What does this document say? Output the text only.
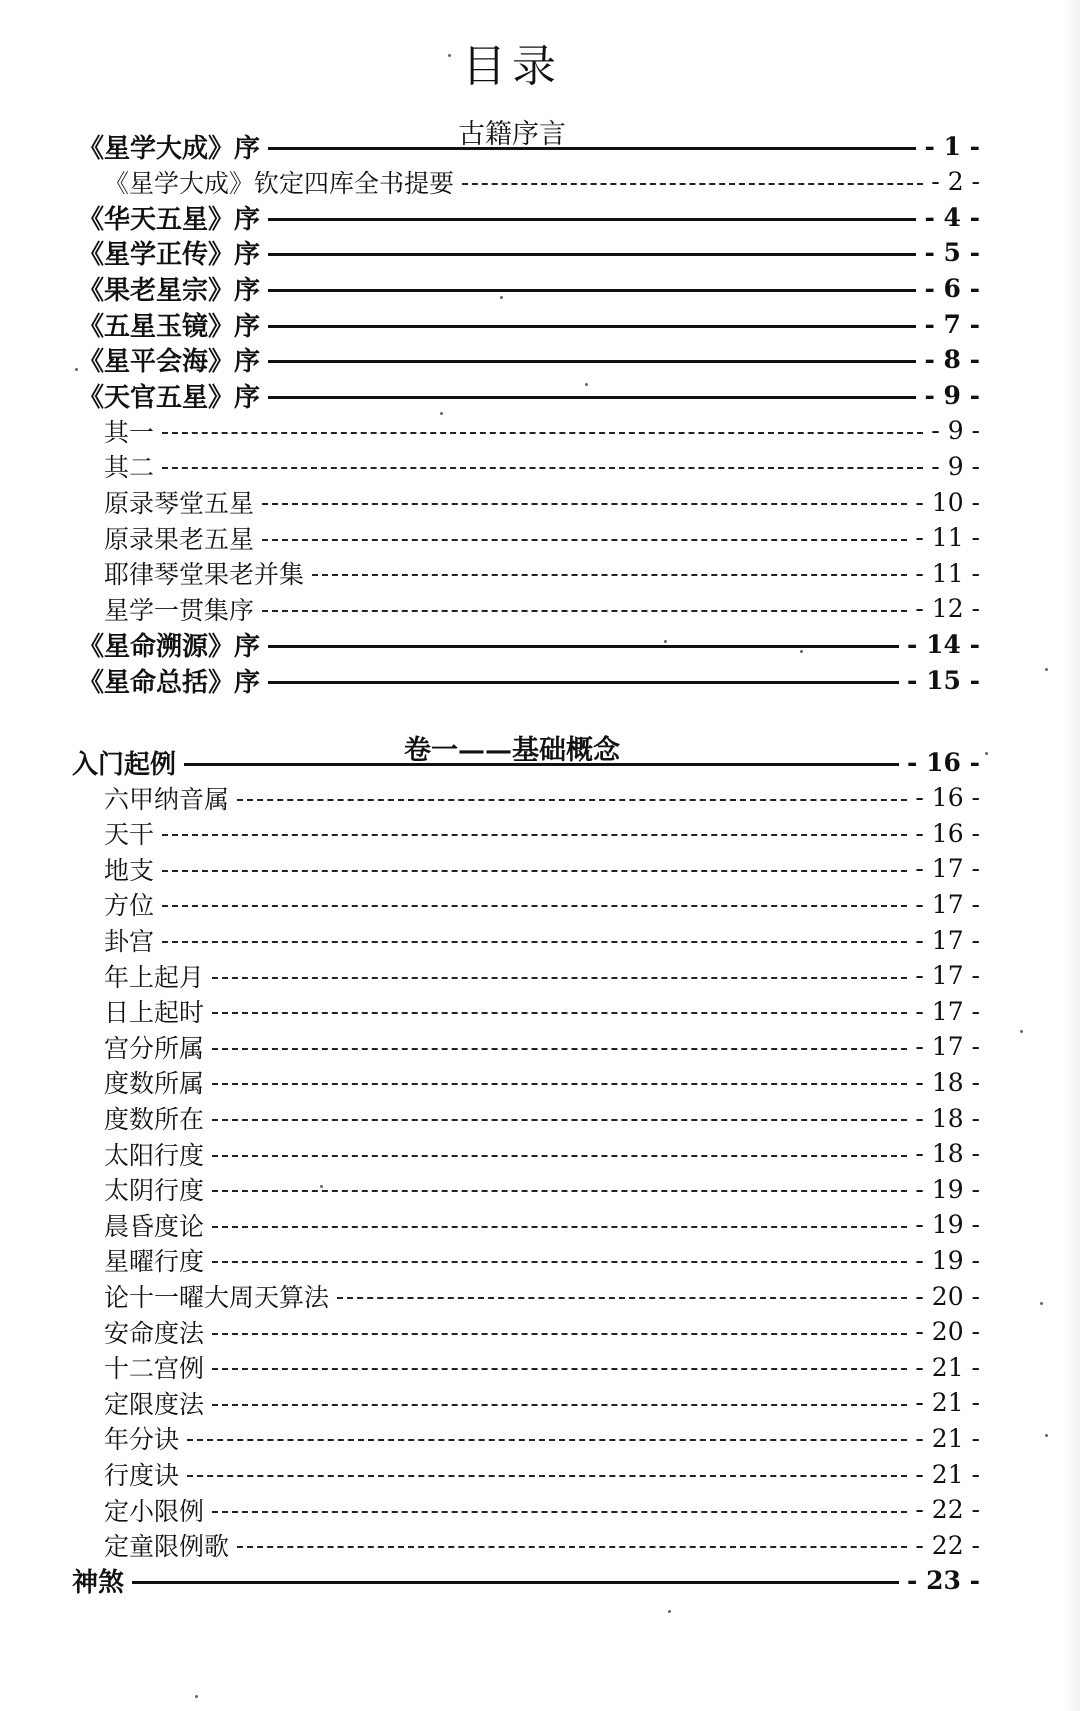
目录
古籍序言
《星学大成》序	- 1 -
《星学大成》钦定四库全书提要	- 2 -
《华天五星》序	- 4 -
《星学正传》序	- 5 -
《果老星宗》序	- 6 -
《五星玉镜》序	- 7 -
《星平会海》序	- 8 -
《天官五星》序	- 9 -
其一	- 9 -
其二	- 9 -
原录琴堂五星	- 10 -
原录果老五星	- 11 -
耶律琴堂果老并集	- 11 -
星学一贯集序	- 12 -
《星命溯源》序	- 14 -
《星命总括》序	- 15 -
卷一——基础概念
入门起例	- 16 -
六甲纳音属	- 16 -
天干	- 16 -
地支	- 17 -
方位	- 17 -
卦宫	- 17 -
年上起月	- 17 -
日上起时	- 17 -
宫分所属	- 17 -
度数所属	- 18 -
度数所在	- 18 -
太阳行度	- 18 -
太阴行度	- 19 -
晨昏度论	- 19 -
星曜行度	- 19 -
论十一曜大周天算法	- 20 -
安命度法	- 20 -
十二宫例	- 21 -
定限度法	- 21 -
年分诀	- 21 -
行度诀	- 21 -
定小限例	- 22 -
定童限例歌	- 22 -
神煞	- 23 -
